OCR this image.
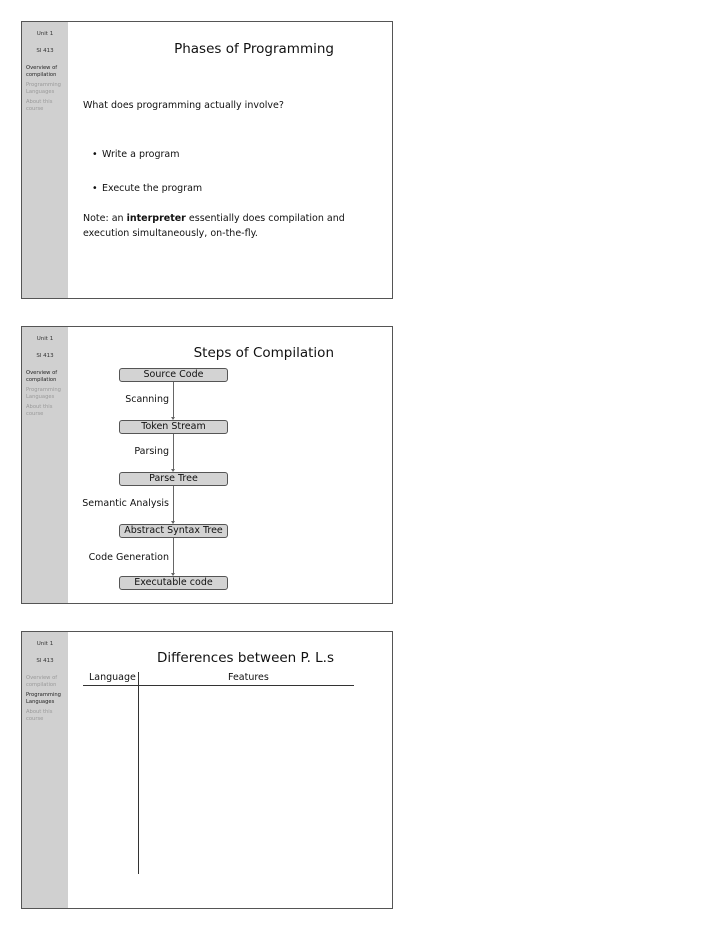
Unit 1
SI 413
Overview of compilation
Programming Languages
About this course
Phases of Programming
What does programming actually involve?
• Write a program
• Execute the program
Note: an interpreter essentially does compilation and execution simultaneously, on-the-fly.
Unit 1
SI 413
Overview of compilation
Programming Languages
About this course
Steps of Compilation
Source Code
Scanning
Token Stream
Parsing
Parse Tree
Semantic Analysis
Abstract Syntax Tree
Code Generation
Executable code
Unit 1
SI 413
Overview of compilation
Programming Languages
About this course
Differences between P. L.s
Language	Features
